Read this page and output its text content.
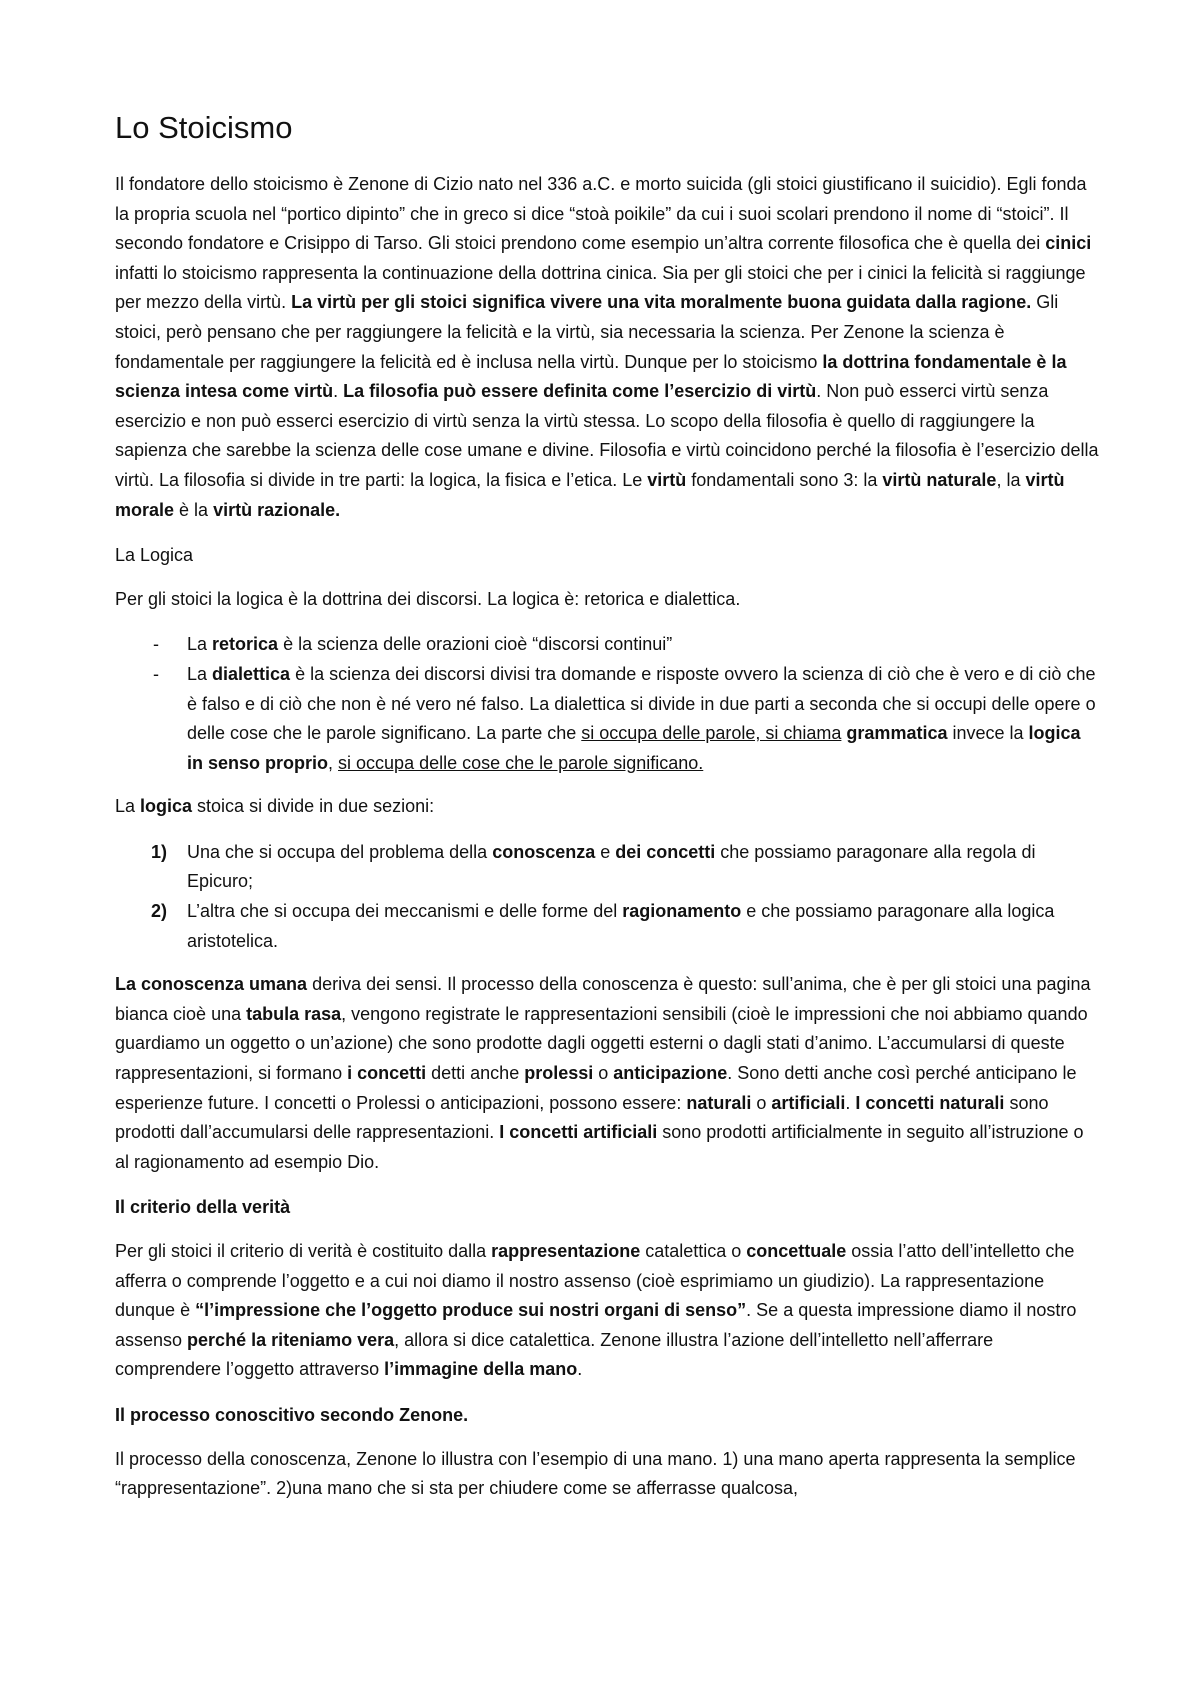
Lo Stoicismo

Il fondatore dello stoicismo è Zenone di Cizio nato nel 336 a.C. e morto suicida (gli stoici giustificano il suicidio). Egli fonda la propria scuola nel “portico dipinto” che in greco si dice “stoà poikile” da cui i suoi scolari prendono il nome di “stoici”. Il secondo fondatore e Crisippo di Tarso. Gli stoici prendono come esempio un’altra corrente filosofica che è quella dei cinici infatti lo stoicismo rappresenta la continuazione della dottrina cinica. Sia per gli stoici che per i cinici la felicità si raggiunge per mezzo della virtù. La virtù per gli stoici significa vivere una vita moralmente buona guidata dalla ragione. Gli stoici, però pensano che per raggiungere la felicità e la virtù, sia necessaria la scienza. Per Zenone la scienza è fondamentale per raggiungere la felicità ed è inclusa nella virtù. Dunque per lo stoicismo la dottrina fondamentale è la scienza intesa come virtù. La filosofia può essere definita come l’esercizio di virtù. Non può esserci virtù senza esercizio e non può esserci esercizio di virtù senza la virtù stessa. Lo scopo della filosofia è quello di raggiungere la sapienza che sarebbe la scienza delle cose umane e divine. Filosofia e virtù coincidono perché la filosofia è l’esercizio della virtù. La filosofia si divide in tre parti: la logica, la fisica e l’etica. Le virtù fondamentali sono 3: la virtù naturale, la virtù morale è la virtù razionale.

La Logica

Per gli stoici la logica è la dottrina dei discorsi. La logica è: retorica e dialettica.

- La retorica è la scienza delle orazioni cioè “discorsi continui”
- La dialettica è la scienza dei discorsi divisi tra domande e risposte ovvero la scienza di ciò che è vero e di ciò che è falso e di ciò che non è né vero né falso. La dialettica si divide in due parti a seconda che si occupi delle opere o delle cose che le parole significano. La parte che si occupa delle parole, si chiama grammatica invece la logica in senso proprio, si occupa delle cose che le parole significano.

La logica stoica si divide in due sezioni:

1) Una che si occupa del problema della conoscenza e dei concetti che possiamo paragonare alla regola di Epicuro;
2) L’altra che si occupa dei meccanismi e delle forme del ragionamento e che possiamo paragonare alla logica aristotelica.

La conoscenza umana deriva dei sensi. Il processo della conoscenza è questo: sull’anima, che è per gli stoici una pagina bianca cioè una tabula rasa, vengono registrate le rappresentazioni sensibili (cioè le impressioni che noi abbiamo quando guardiamo un oggetto o un’azione) che sono prodotte dagli oggetti esterni o dagli stati d’animo. L’accumularsi di queste rappresentazioni, si formano i concetti detti anche prolessi o anticipazione. Sono detti anche così perché anticipano le esperienze future. I concetti o Prolessi o anticipazioni, possono essere: naturali o artificiali. I concetti naturali sono prodotti dall’accumularsi delle rappresentazioni. I concetti artificiali sono prodotti artificialmente in seguito all’istruzione o al ragionamento ad esempio Dio.

Il criterio della verità

Per gli stoici il criterio di verità è costituito dalla rappresentazione catalettica o concettuale ossia l’atto dell’intelletto che afferra o comprende l’oggetto e a cui noi diamo il nostro assenso (cioè esprimiamo un giudizio). La rappresentazione dunque è “l’impressione che l’oggetto produce sui nostri organi di senso”. Se a questa impressione diamo il nostro assenso perché la riteniamo vera, allora si dice catalettica. Zenone illustra l’azione dell’intelletto nell’afferrare comprendere l’oggetto attraverso l’immagine della mano.

Il processo conoscitivo secondo Zenone.

Il processo della conoscenza, Zenone lo illustra con l’esempio di una mano. 1) una mano aperta rappresenta la semplice “rappresentazione”. 2)una mano che si sta per chiudere come se afferrasse qualcosa,
